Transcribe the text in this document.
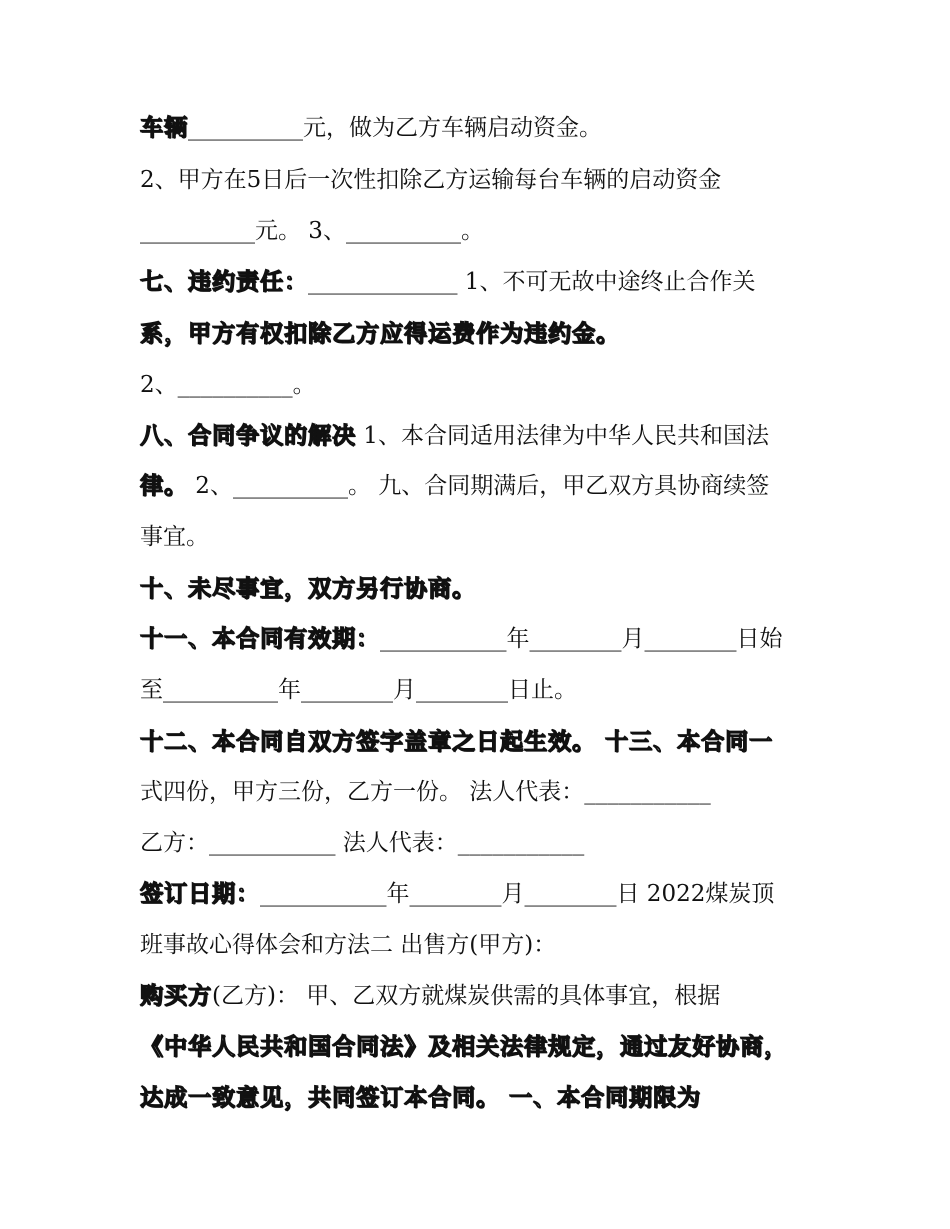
车辆__________元，做为乙方车辆启动资金。
2、甲方在5日后一次性扣除乙方运输每台车辆的启动资金
__________元。 3、__________。
七、违约责任：_____________ 1、不可无故中途终止合作关
系，甲方有权扣除乙方应得运费作为违约金。
2、__________。
八、合同争议的解决 1、本合同适用法律为中华人民共和国法
律。 2、__________。 九、合同期满后，甲乙双方具协商续签
事宜。
十、未尽事宜，双方另行协商。
十一、本合同有效期：___________年________月________日始
至__________年________月________日止。
十二、本合同自双方签字盖章之日起生效。 十三、本合同一
式四份，甲方三份，乙方一份。 法人代表：___________
乙方：___________ 法人代表：___________
签订日期：___________年________月________日 2022煤炭顶
班事故心得体会和方法二 出售方(甲方)：
购买方(乙方)： 甲、乙双方就煤炭供需的具体事宜，根据
《中华人民共和国合同法》及相关法律规定，通过友好协商，
达成一致意见，共同签订本合同。 一、本合同期限为
